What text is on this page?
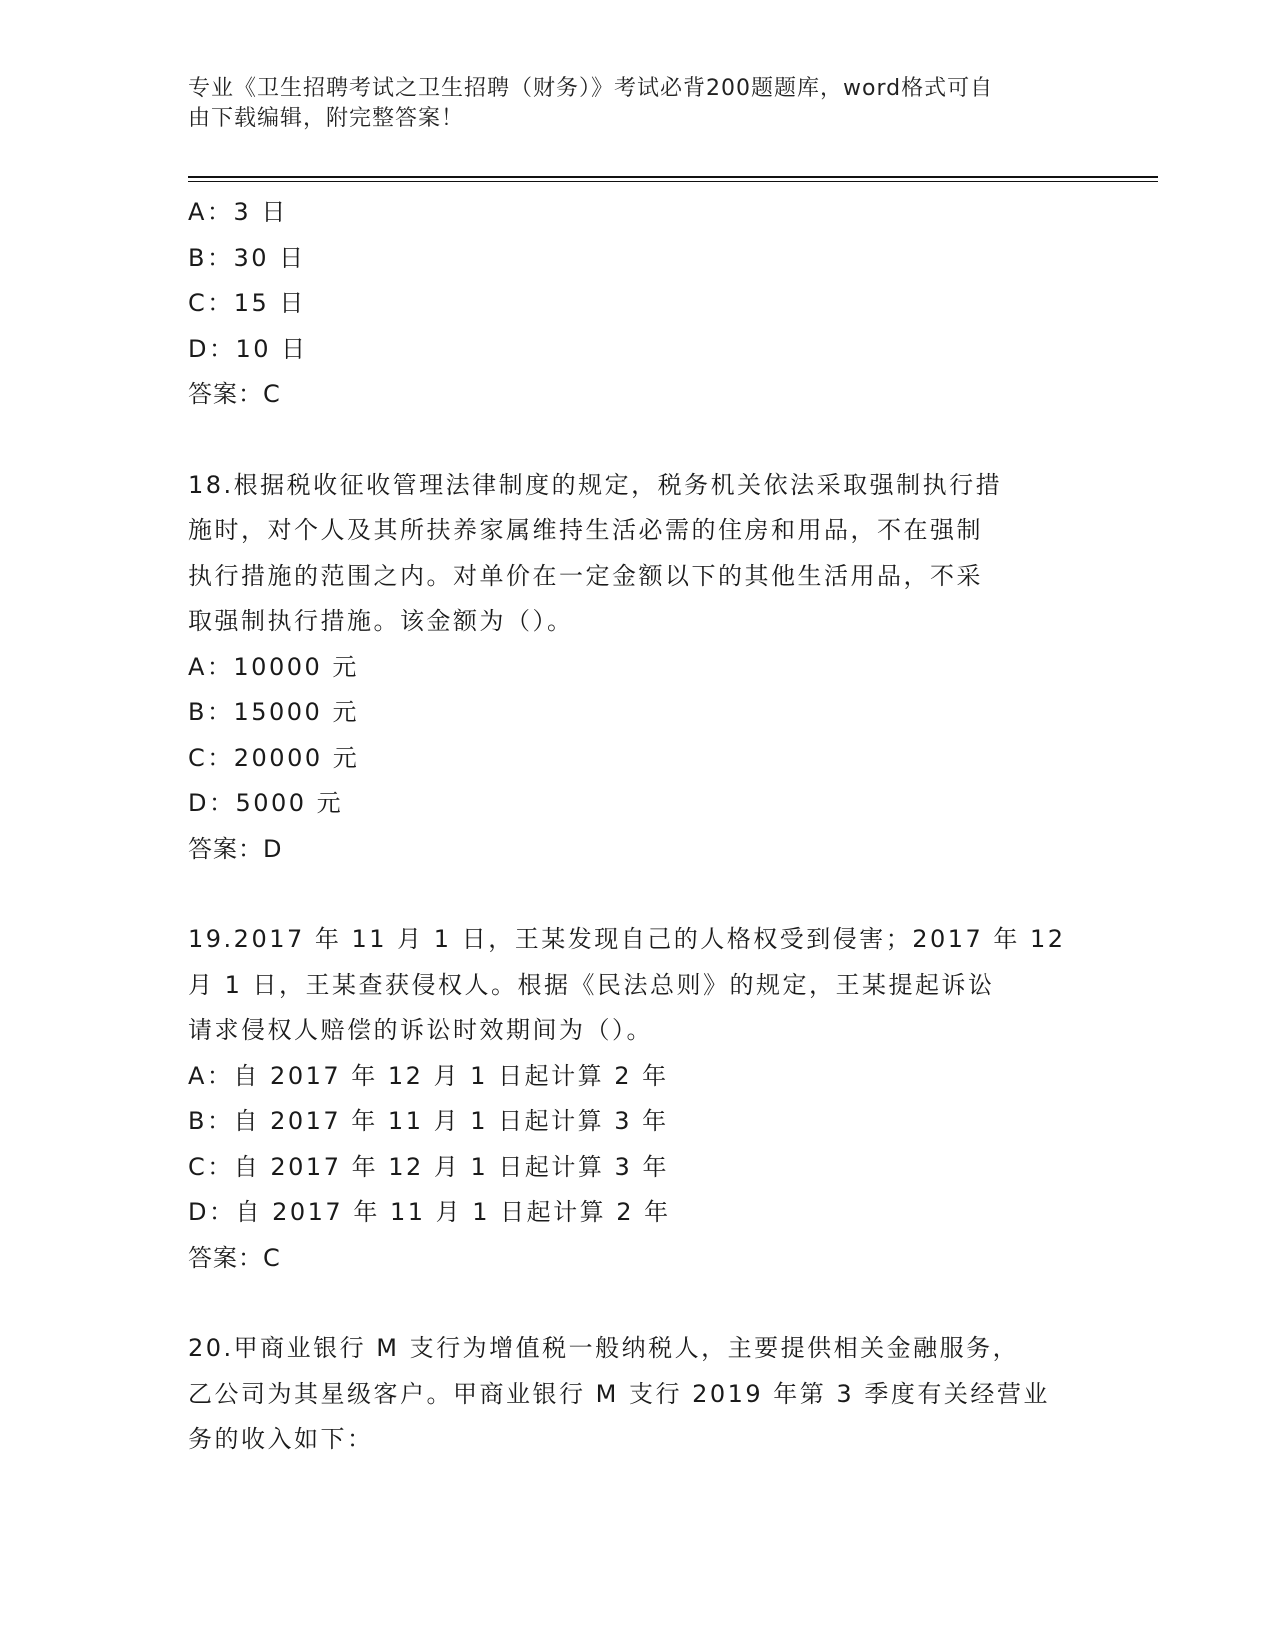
专业《卫生招聘考试之卫生招聘（财务）》考试必背200题题库，word格式可自
由下载编辑，附完整答案！
A：3 日
B：30 日
C：15 日
D：10 日
答案：C
18.根据税收征收管理法律制度的规定，税务机关依法采取强制执行措
施时，对个人及其所扶养家属维持生活必需的住房和用品，不在强制
执行措施的范围之内。对单价在一定金额以下的其他生活用品，不采
取强制执行措施。该金额为（）。
A：10000 元
B：15000 元
C：20000 元
D：5000 元
答案：D
19.2017 年 11 月 1 日，王某发现自己的人格权受到侵害；2017 年 12
月 1 日，王某查获侵权人。根据《民法总则》的规定，王某提起诉讼
请求侵权人赔偿的诉讼时效期间为（）。
A：自 2017 年 12 月 1 日起计算 2 年
B：自 2017 年 11 月 1 日起计算 3 年
C：自 2017 年 12 月 1 日起计算 3 年
D：自 2017 年 11 月 1 日起计算 2 年
答案：C
20.甲商业银行 M 支行为增值税一般纳税人，主要提供相关金融服务，
乙公司为其星级客户。甲商业银行 M 支行 2019 年第 3 季度有关经营业
务的收入如下：
